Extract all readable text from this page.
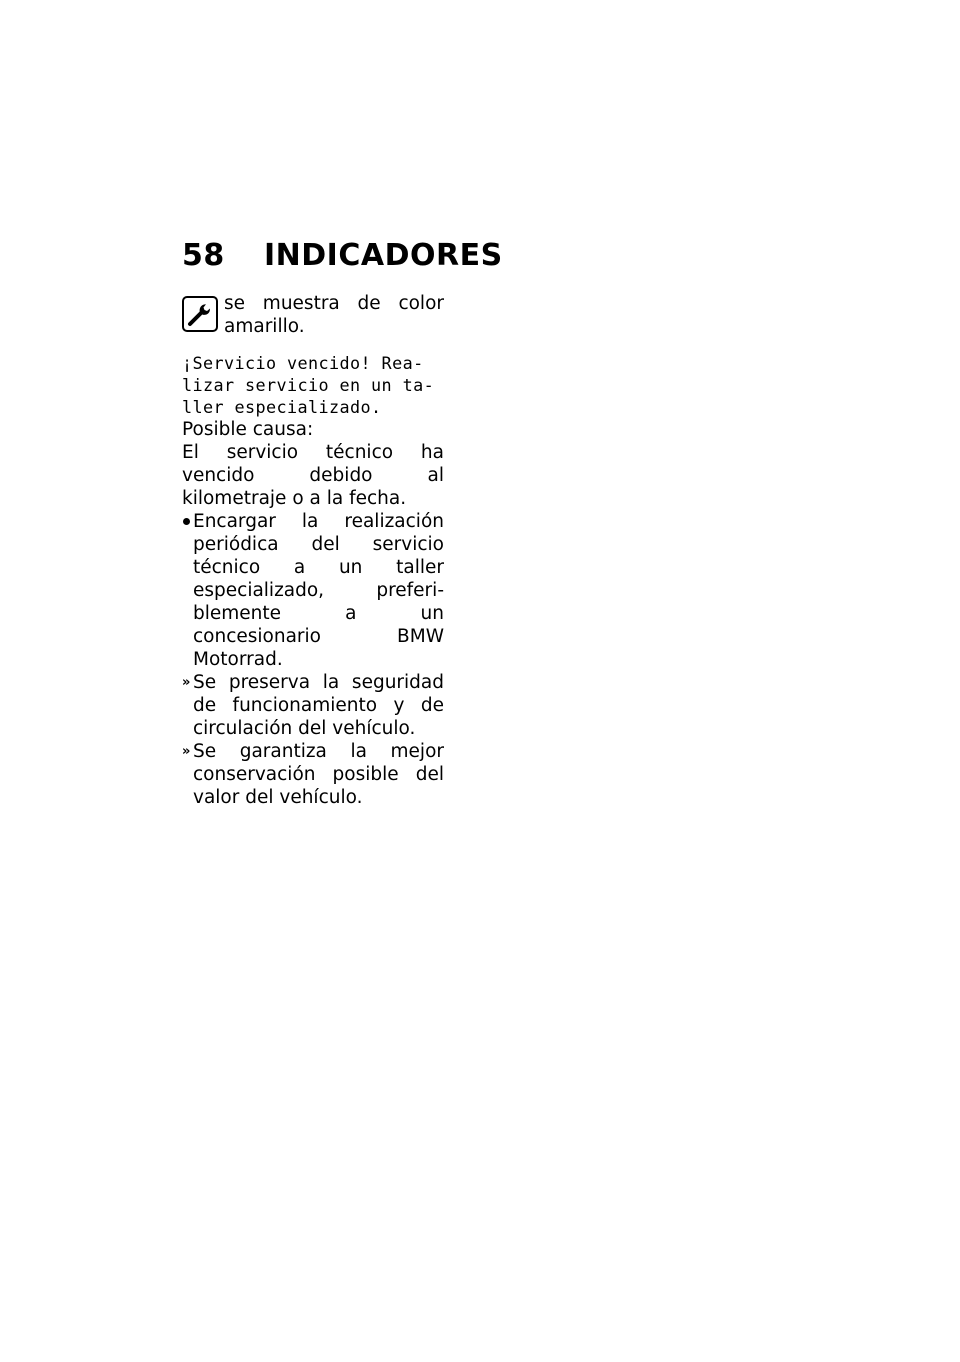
58	INDICADORES
se muestra de color amarillo.
¡Servicio vencido! Realizar servicio en un taller especializado.
Posible causa:
El servicio técnico ha vencido debido al kilometraje o a la fecha.
Encargar la realización periódica del servicio técnico a un taller especializado, preferiblemente a un concesionario BMW Motorrad.
» Se preserva la seguridad de funcionamiento y de circulación del vehículo.
» Se garantiza la mejor conservación posible del valor del vehículo.
